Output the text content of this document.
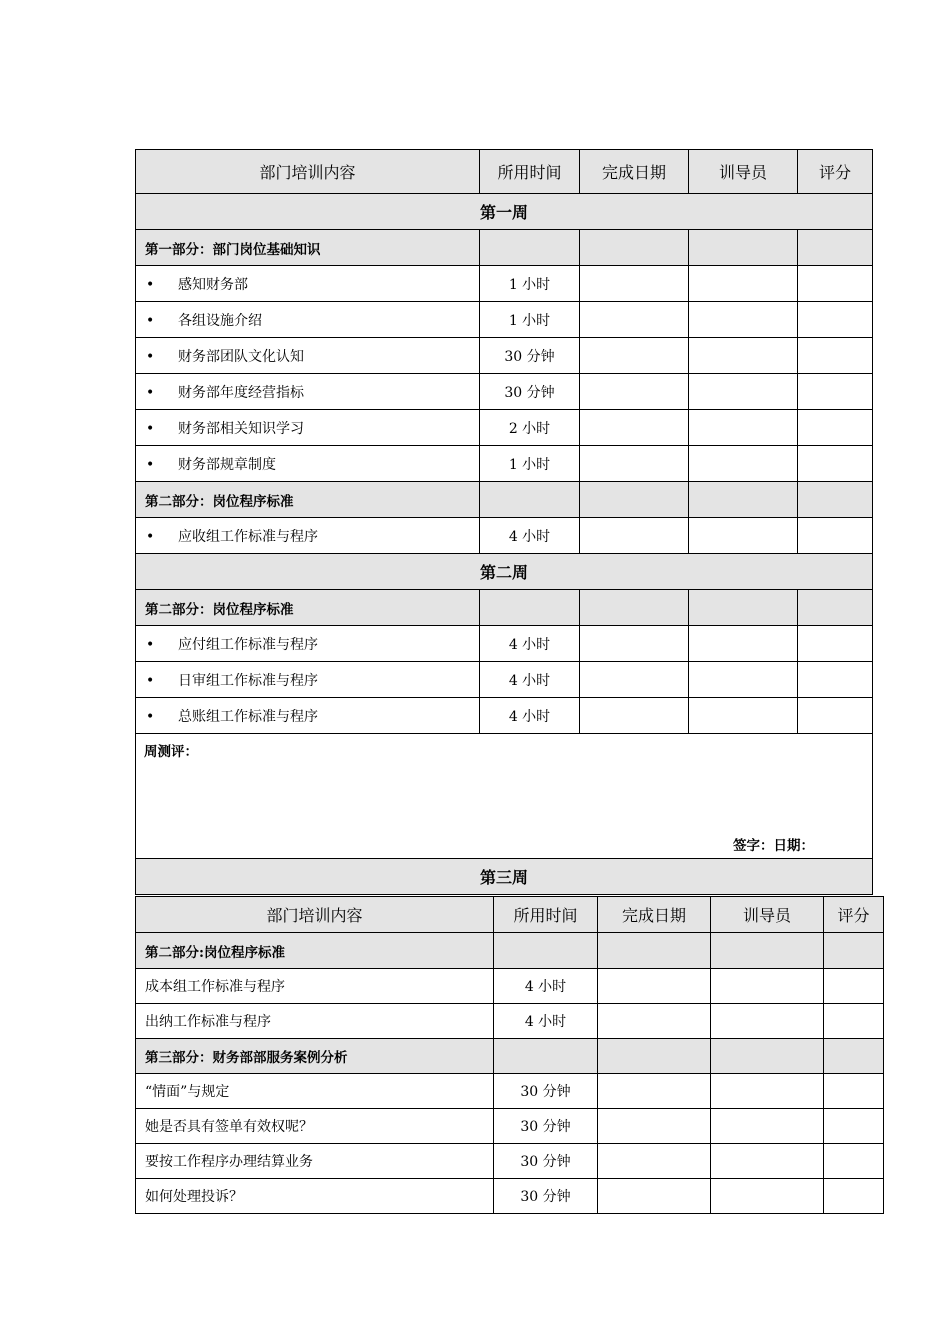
部门培训内容	所用时间	完成日期	训导员	评分
第一周				
第一部分：部门岗位基础知识				
• 感知财务部	1 小时			
• 各组设施介绍	1 小时			
• 财务部团队文化认知	30 分钟			
• 财务部年度经营指标	30 分钟			
• 财务部相关知识学习	2 小时			
• 财务部规章制度	1 小时			
第二部分：岗位程序标准				
• 应收组工作标准与程序	4 小时			
第二周				
第二部分：岗位程序标准				
• 应付组工作标准与程序	4 小时			
• 日审组工作标准与程序	4 小时			
• 总账组工作标准与程序	4 小时			

周测评：
签字：日期：				

第三周				
部门培训内容	所用时间	完成日期	训导员	评分
第二部分:岗位程序标准				
成本组工作标准与程序	4 小时			
出纳工作标准与程序	4 小时			
第三部分：财务部部服务案例分析				
“情面”与规定	30 分钟			
她是否具有签单有效权呢？	30 分钟			
要按工作程序办理结算业务	30 分钟			
如何处理投诉？	30 分钟			
